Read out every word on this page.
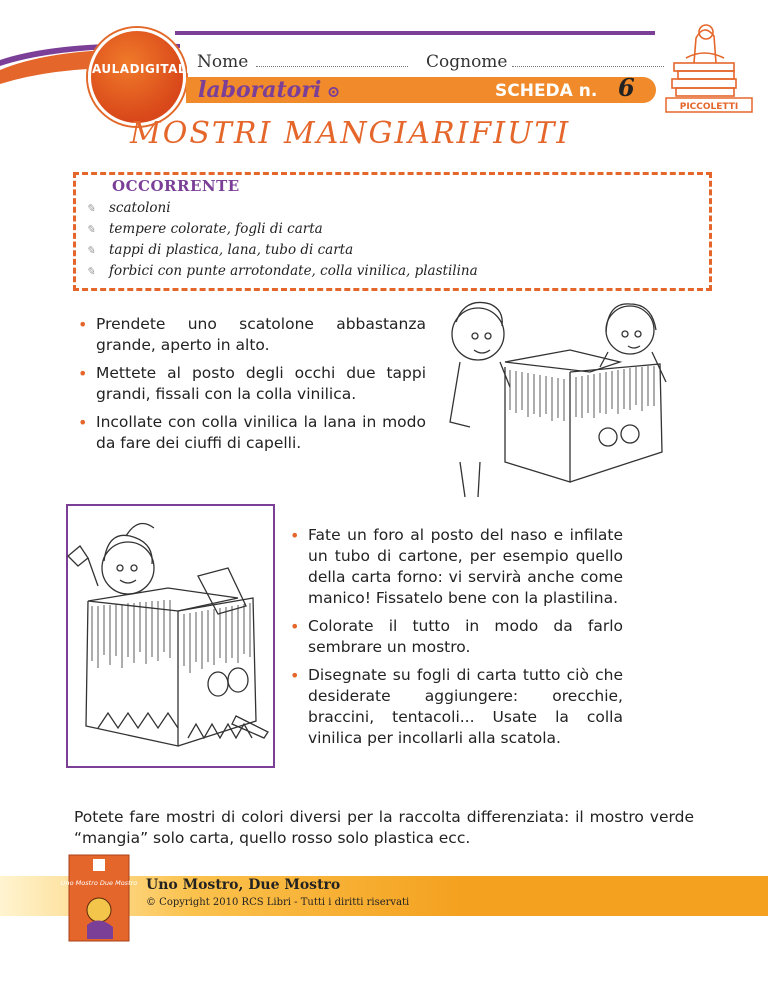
AULADIGITALE Nome	Cognome
laboratori ⊙	SCHEDA n. 6
PICCOLETTI
MOSTRI MANGIARIFIUTI
OCCORRENTE
✎	scatoloni
✎	tempere colorate, fogli di carta
✎	tappi di plastica, lana, tubo di carta
✎	forbici con punte arrotondate, colla vinilica, plastilina
• Prendete uno scatolone abbastanza grande, aperto in alto.
• Mettete al posto degli occhi due tappi grandi, fissali con la colla vinilica.
• Incollate con colla vinilica la lana in modo da fare dei ciuffi di capelli.
• Fate un foro al posto del naso e infilate un tubo di cartone, per esempio quello della carta forno: vi servirà anche come manico! Fissatelo bene con la plastilina.
• Colorate il tutto in modo da farlo sembrare un mostro.
• Disegnate su fogli di carta tutto ciò che desiderate aggiungere: orecchie, braccini, tentacoli... Usate la colla vinilica per incollarli alla scatola.
Potete fare mostri di colori diversi per la raccolta differenziata: il mostro verde “mangia” solo carta, quello rosso solo plastica ecc.
Uno Mostro Due Mostro Uno Mostro, Due Mostro
© Copyright 2010 RCS Libri - Tutti i diritti riservati
